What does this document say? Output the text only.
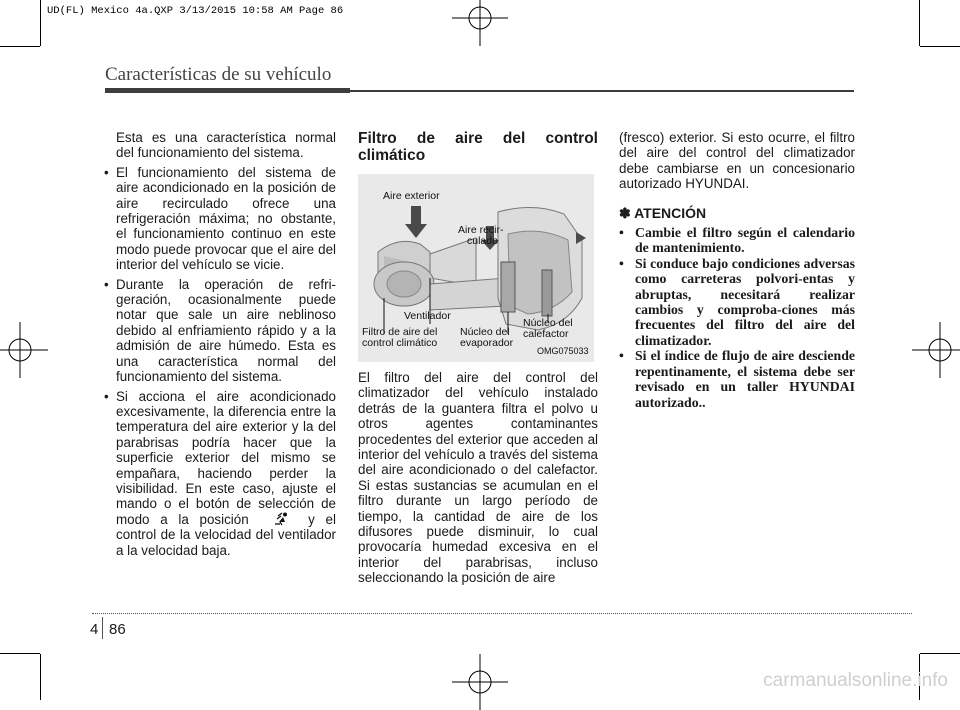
UD(FL) Mexico 4a.QXP 3/13/2015 10:58 AM Page 86
Características de su vehículo

Esta es una característica normal del funcionamiento del sistema.

• El funcionamiento del sistema de aire acondicionado en la posición de aire recirculado ofrece una refrigeración máxima; no obstante, el funcionamiento continuo en este modo puede provocar que el aire del interior del vehículo se vicie.

• Durante la operación de refri-geración, ocasionalmente puede notar que sale un aire neblinoso debido al enfriamiento rápido y a la admisión de aire húmedo. Esta es una característica normal del funcionamiento del sistema.

• Si acciona el aire acondicionado excesivamente, la diferencia entre la temperatura del aire exterior y la del parabrisas podría hacer que la superficie exterior del mismo se empañara, haciendo perder la visibilidad. En este caso, ajuste el mando o el botón de selección de modo a la posición	y el control de la velocidad del ventilador a la velocidad baja.

Filtro de aire del control climático

Aire exterior
Aire recir-
culado
Ventilador
Filtro de aire del
control climático
Núcleo del
evaporador
Núcleo del
calefactor
OMG075033

El filtro del aire del control del climatizador del vehículo instalado detrás de la guantera filtra el polvo u otros agentes contaminantes procedentes del exterior que acceden al interior del vehículo a través del sistema del aire acondicionado o del calefactor. Si estas sustancias se acumulan en el filtro durante un largo período de tiempo, la cantidad de aire de los difusores puede disminuir, lo cual provocaría humedad excesiva en el interior del parabrisas, incluso seleccionando la posición de aire

(fresco) exterior. Si esto ocurre, el filtro del aire del control del climatizador debe cambiarse en un concesionario autorizado HYUNDAI.

✽ ATENCIÓN

• Cambie el filtro según el calendario de mantenimiento.

• Si conduce bajo condiciones adversas como carreteras polvori-entas y abruptas, necesitará realizar cambios y comproba-ciones más frecuentes del filtro del aire del climatizador.

• Si el índice de flujo de aire desciende repentinamente, el sistema debe ser revisado en un taller HYUNDAI autorizado..

4 86
carmanualsonline.info
